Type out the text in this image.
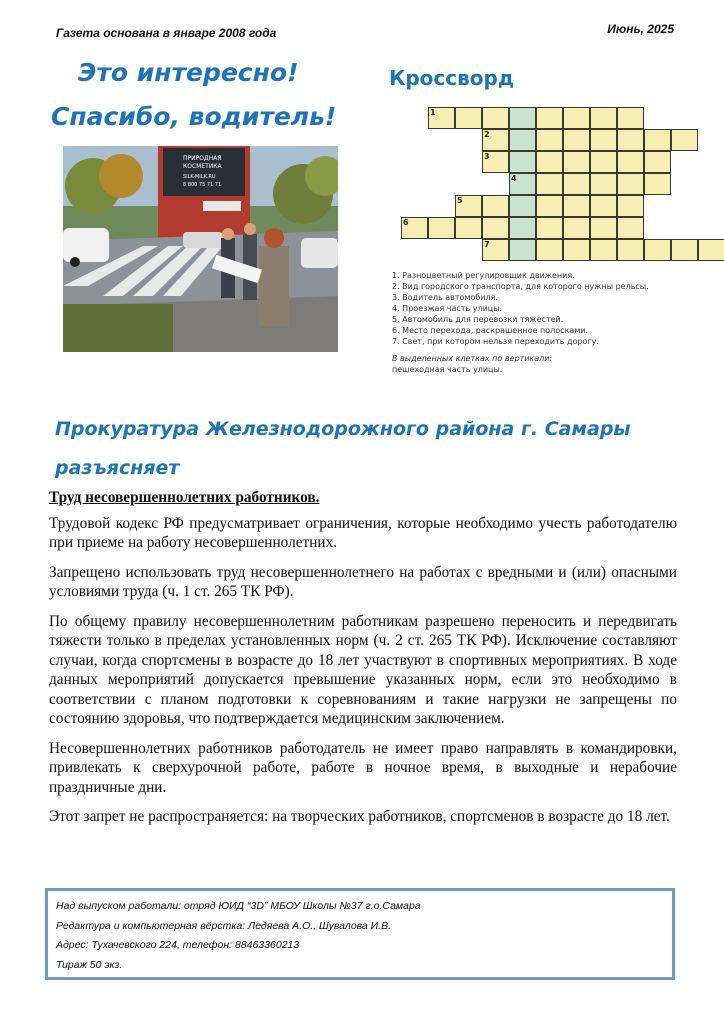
Газета основана в январе 2008 года	Июнь, 2025
Это интересно!
Спасибо, водитель!
ПРИРОДНАЯ
КОСМЕТИКА
SILK-MILK.RU
8 800 75 71 71
Кроссворд
1
2
3
4
5
6
7

1. Разноцветный регулировщик движения.

2. Вид городского транспорта, для которого нужны рельсы.

3. Водитель автомобиля.

4. Проезжая часть улицы.

5. Автомобиль для перевозки тяжестей.

6. Место перехода, раскрашенное полосками.

7. Свет, при котором нельзя переходить дорогу.

В выделенных клетках по вертикали:

пешеходная часть улицы.

Прокуратура Железнодорожного района г. Самары
разъясняет

Труд несовершеннолетних работников.

Трудовой кодекс РФ предусматривает ограничения, которые необходимо учесть работодателю при приеме на работу несовершеннолетних.

Запрещено использовать труд несовершеннолетнего на работах с вредными и (или) опасными условиями труда (ч. 1 ст. 265 ТК РФ).

По общему правилу несовершеннолетним работникам разрешено переносить и передвигать тяжести только в пределах установленных норм (ч. 2 ст. 265 ТК РФ). Исключение составляют случаи, когда спортсмены в возрасте до 18 лет участвуют в спортивных мероприятиях. В ходе данных мероприятий допускается превышение указанных норм, если это необходимо в соответствии с планом подготовки к соревнованиям и такие нагрузки не запрещены по состоянию здоровья, что подтверждается медицинским заключением.

Несовершеннолетних работников работодатель не имеет право направлять в командировки, привлекать к сверхурочной работе, работе в ночное время, в выходные и нерабочие праздничные дни.

Этот запрет не распространяется: на творческих работников, спортсменов в возрасте до 18 лет.

Над выпуском работали: отряд ЮИД “3D” МБОУ Школы №37 г.о.Самара
Редактура и компьютерная вёрстка: Ледяева А.О., Шувалова И.В.
Адрес: Тухачевского 224, телефон: 88463360213
Тираж 50 экз.
